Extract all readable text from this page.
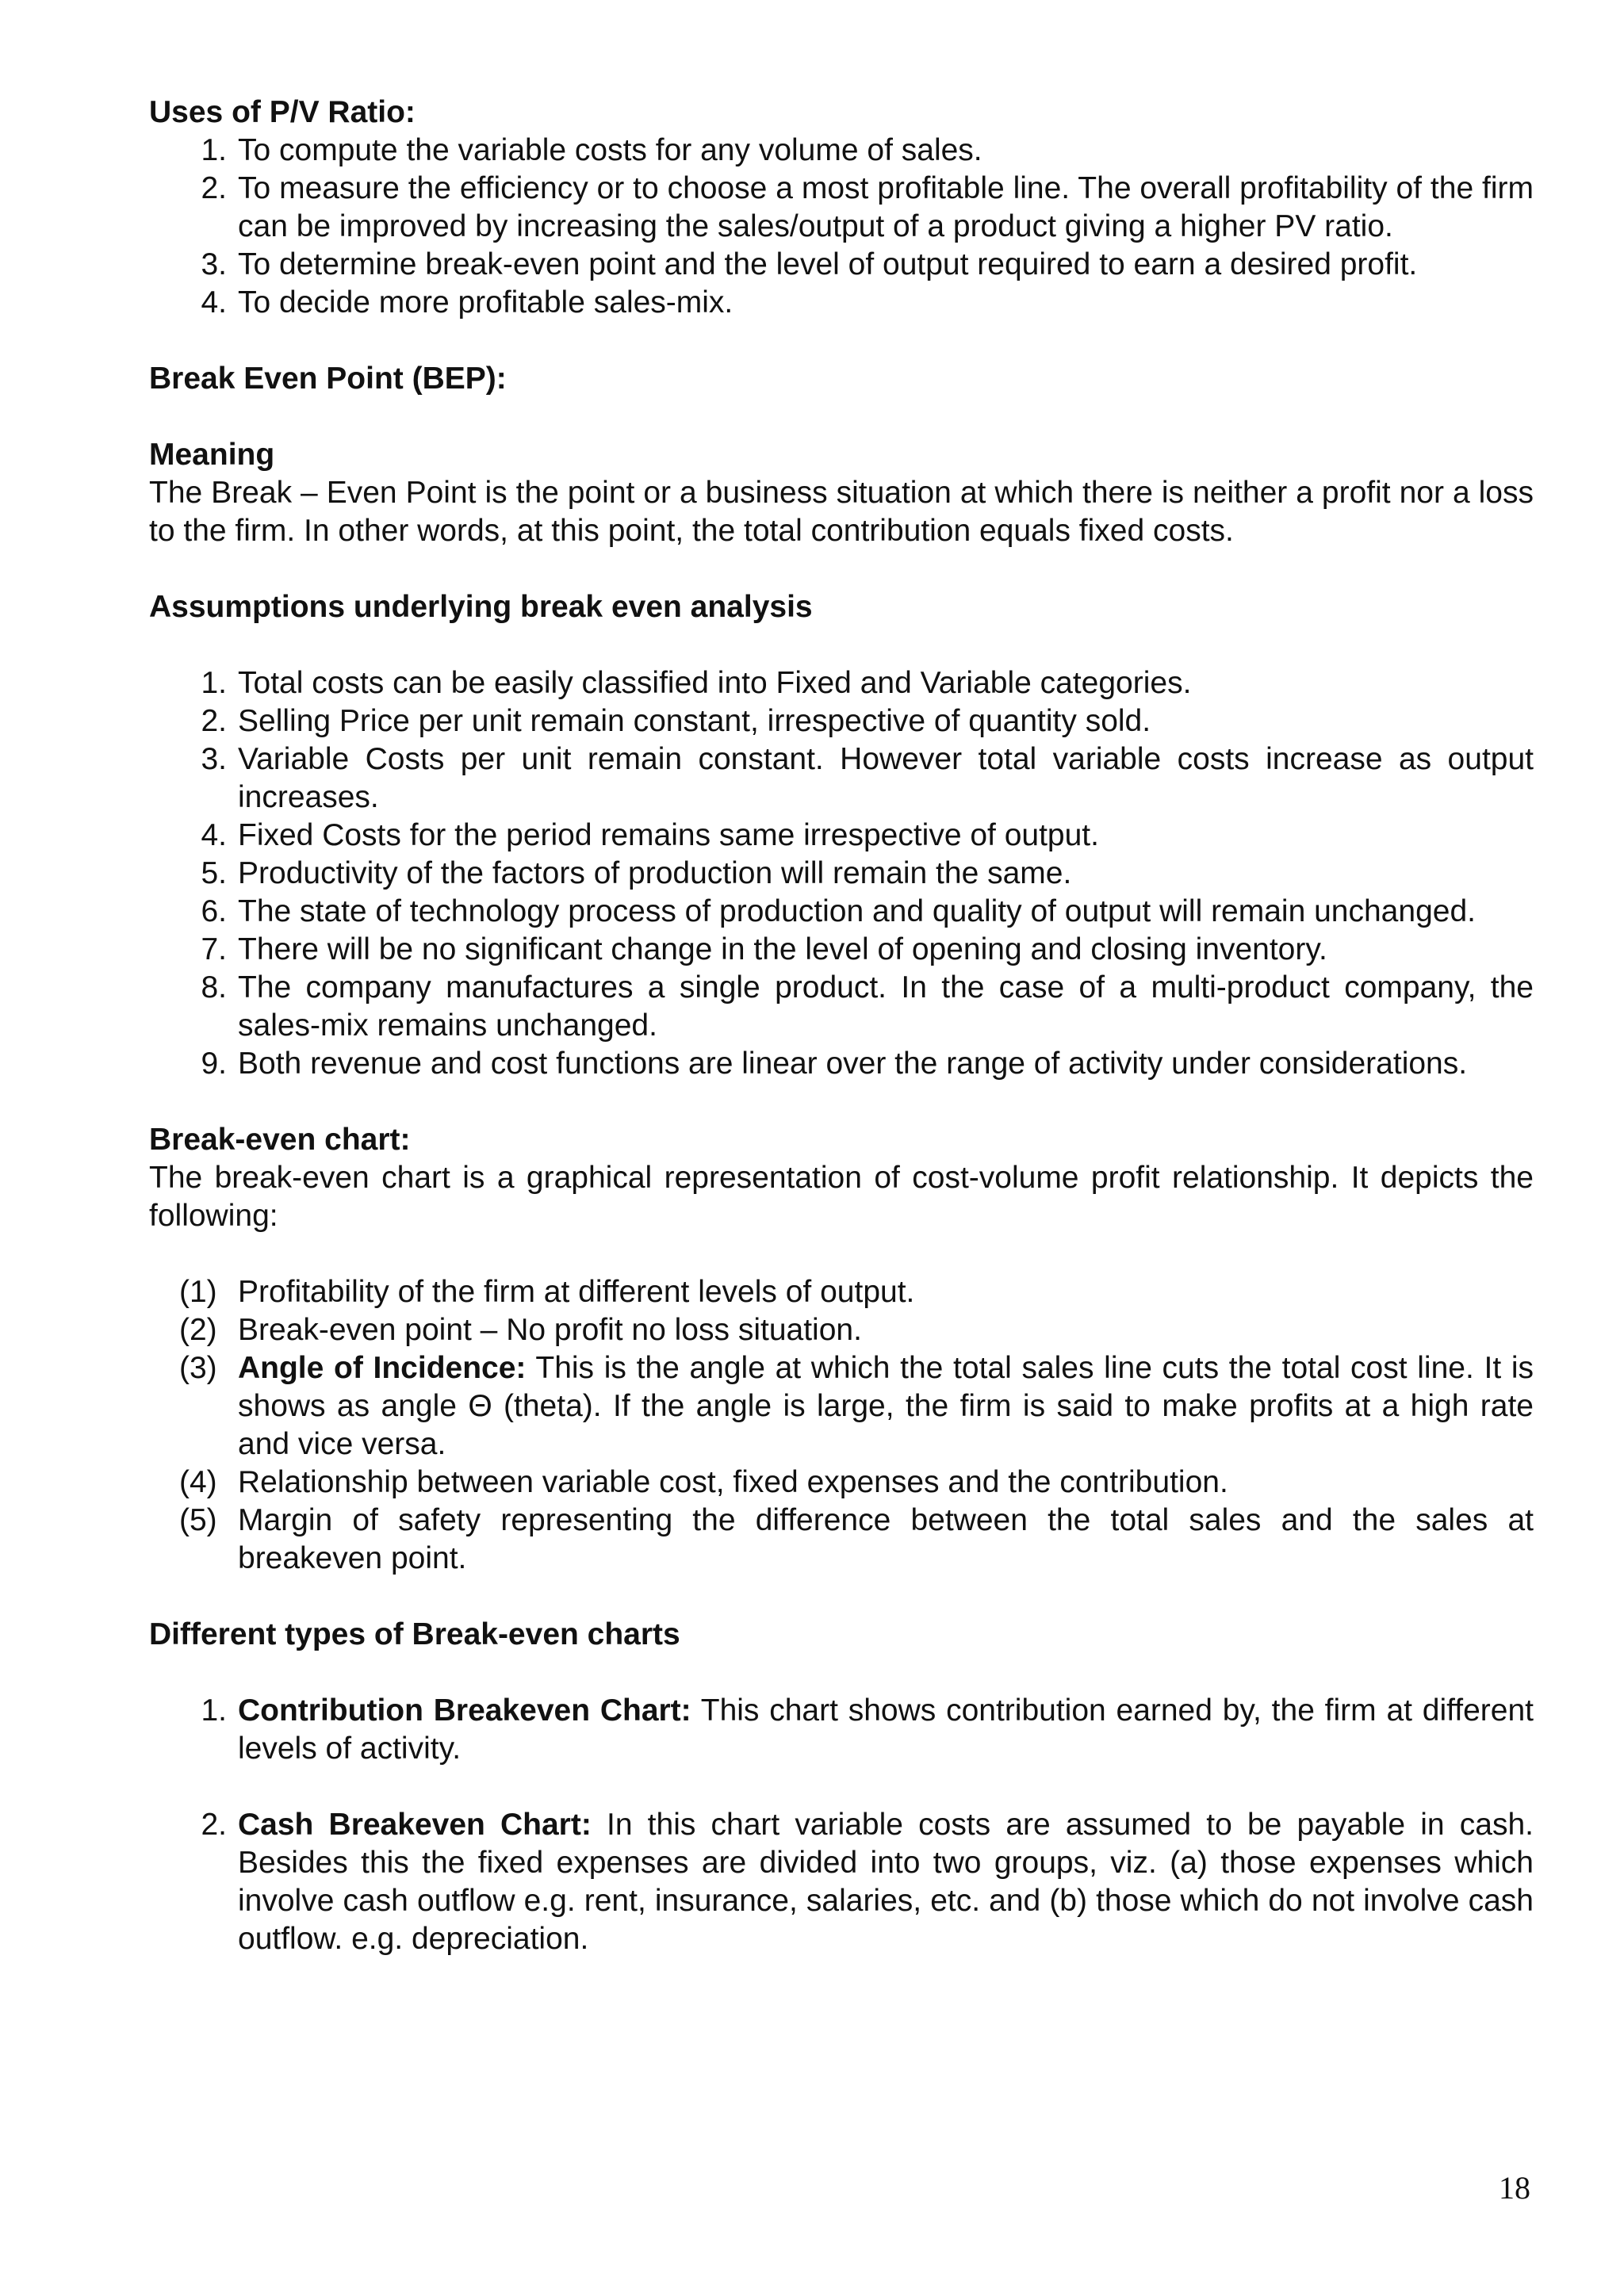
Uses of P/V Ratio:

1. To compute the variable costs for any volume of sales.
2. To measure the efficiency or to choose a most profitable line. The overall profitability of the firm can be improved by increasing the sales/output of a product giving a higher PV ratio.
3. To determine break-even point and the level of output required to earn a desired profit.
4. To decide more profitable sales-mix.

Break Even Point (BEP):

Meaning

The Break – Even Point is the point or a business situation at which there is neither a profit nor a loss to the firm. In other words, at this point, the total contribution equals fixed costs.

Assumptions underlying break even analysis

1. Total costs can be easily classified into Fixed and Variable categories.
2. Selling Price per unit remain constant, irrespective of quantity sold.
3. Variable Costs per unit remain constant. However total variable costs increase as output increases.
4. Fixed Costs for the period remains same irrespective of output.
5. Productivity of the factors of production will remain the same.
6. The state of technology process of production and quality of output will remain unchanged.
7. There will be no significant change in the level of opening and closing inventory.
8. The company manufactures a single product. In the case of a multi-product company, the sales-mix remains unchanged.
9. Both revenue and cost functions are linear over the range of activity under considerations.

Break-even chart:

The break-even chart is a graphical representation of cost-volume profit relationship. It depicts the following:

(1) Profitability of the firm at different levels of output.
(2) Break-even point – No profit no loss situation.
(3) Angle of Incidence: This is the angle at which the total sales line cuts the total cost line. It is shows as angle Θ (theta). If the angle is large, the firm is said to make profits at a high rate and vice versa.
(4) Relationship between variable cost, fixed expenses and the contribution.
(5) Margin of safety representing the difference between the total sales and the sales at breakeven point.

Different types of Break-even charts

1. Contribution Breakeven Chart: This chart shows contribution earned by, the firm at different levels of activity.
2. Cash Breakeven Chart: In this chart variable costs are assumed to be payable in cash. Besides this the fixed expenses are divided into two groups, viz. (a) those expenses which involve cash outflow e.g. rent, insurance, salaries, etc. and (b) those which do not involve cash outflow. e.g. depreciation.
18
